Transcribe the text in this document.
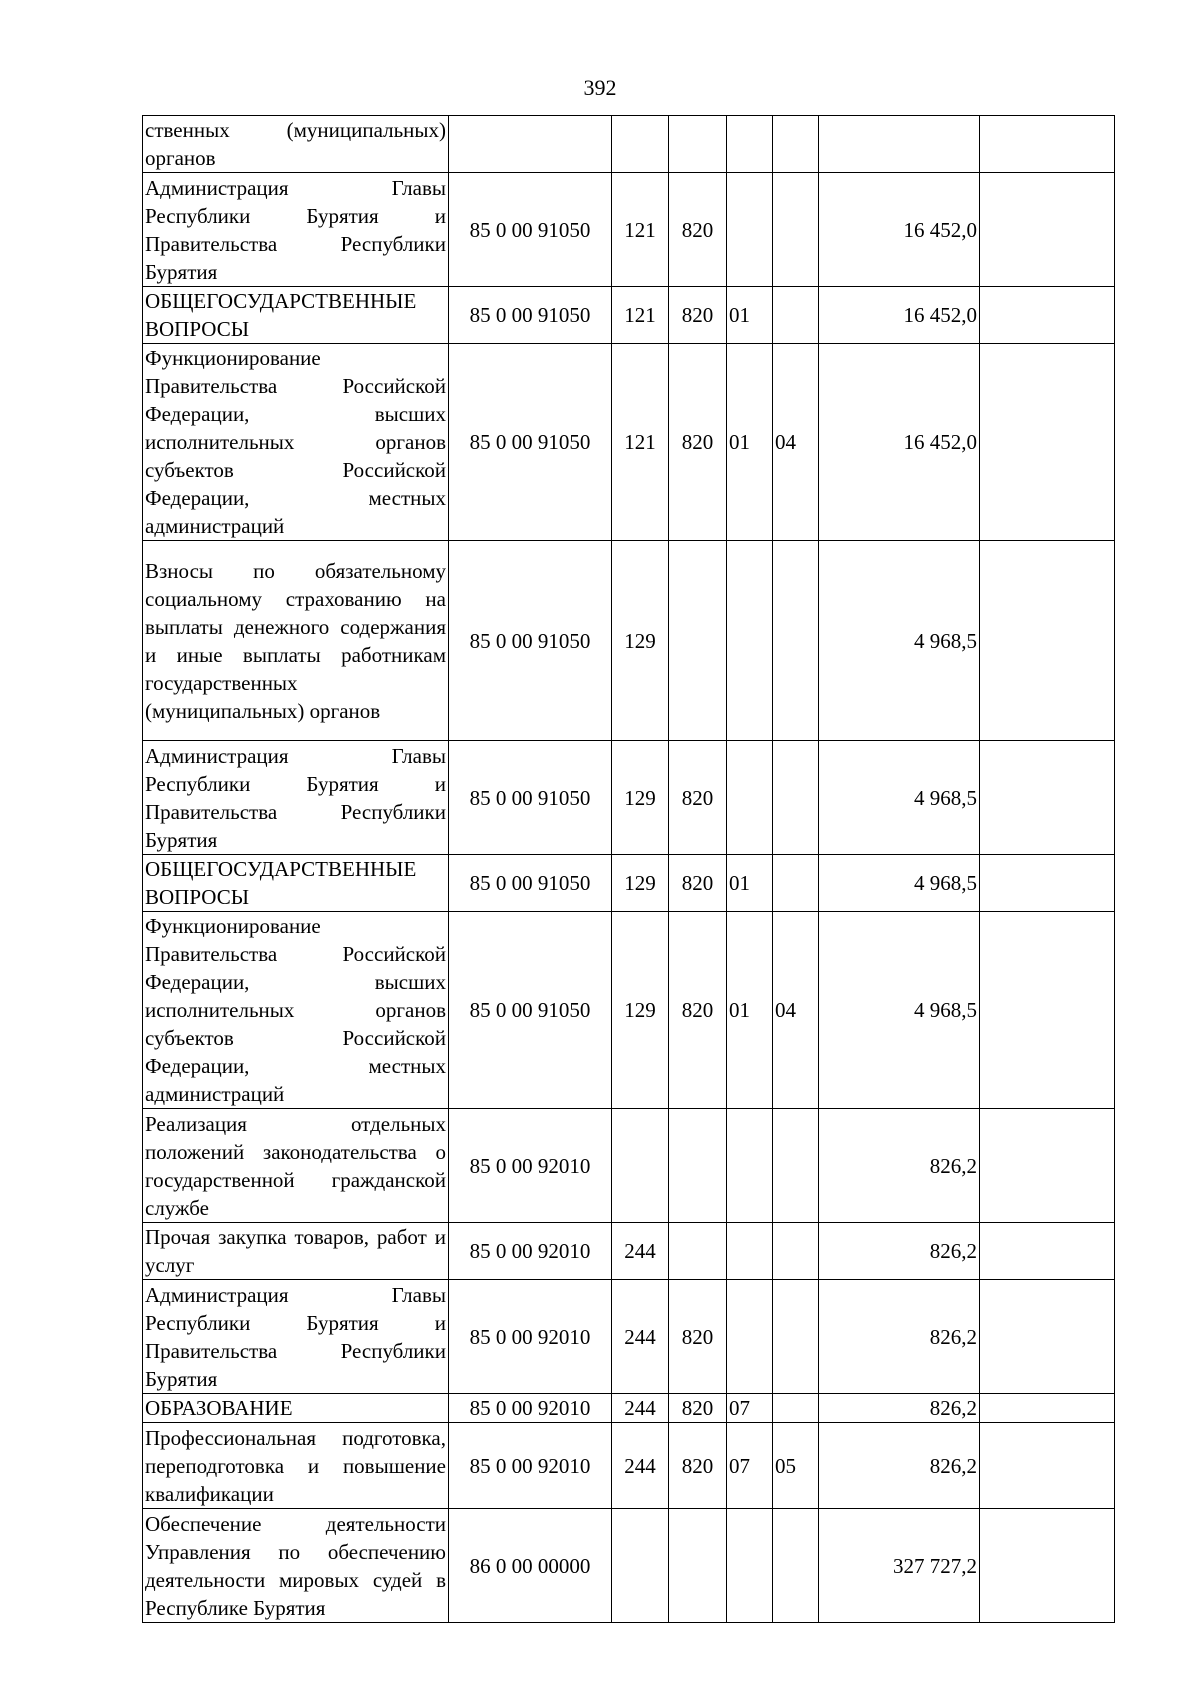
392
ственных (муниципальных) органов							
Администрация Главы Республики Бурятия и Правительства Республики Бурятия	85 0 00 91050	121	820			16 452,0	
ОБЩЕГОСУДАРСТВЕННЫЕ ВОПРОСЫ	85 0 00 91050	121	820	01		16 452,0	
Функционирование Правительства Российской Федерации, высших исполнительных органов субъектов Российской Федерации, местных администраций	85 0 00 91050	121	820	01	04	16 452,0	
Взносы по обязательному социальному страхованию на выплаты денежного содержания и иные выплаты работникам государственных (муниципальных) органов	85 0 00 91050	129				4 968,5	
Администрация Главы Республики Бурятия и Правительства Республики Бурятия	85 0 00 91050	129	820			4 968,5	
ОБЩЕГОСУДАРСТВЕННЫЕ ВОПРОСЫ	85 0 00 91050	129	820	01		4 968,5	
Функционирование Правительства Российской Федерации, высших исполнительных органов субъектов Российской Федерации, местных администраций	85 0 00 91050	129	820	01	04	4 968,5	
Реализация отдельных положений законодательства о государственной гражданской службе	85 0 00 92010					826,2	
Прочая закупка товаров, работ и услуг	85 0 00 92010	244				826,2	
Администрация Главы Республики Бурятия и Правительства Республики Бурятия	85 0 00 92010	244	820			826,2	
ОБРАЗОВАНИЕ	85 0 00 92010	244	820	07		826,2	
Профессиональная подготовка, переподготовка и повышение квалификации	85 0 00 92010	244	820	07	05	826,2	
Обеспечение деятельности Управления по обеспечению деятельности мировых судей в Республике Бурятия	86 0 00 00000					327 727,2	
